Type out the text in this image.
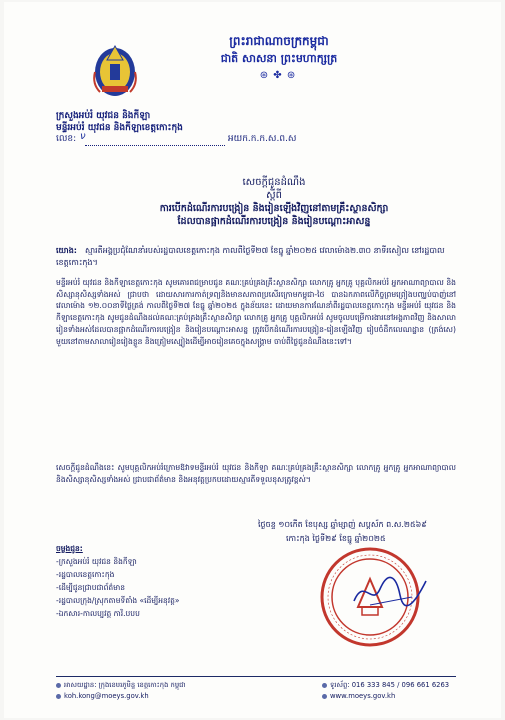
ព្រះរាជាណាចក្រកម្ពុជា
ជាតិ សាសនា ព្រះមហាក្សត្រ
⊛ ✤ ⊛
ក្រសួងអប់រំ យុវជន និងកីឡា
មន្ទីរអប់រំ យុវជន និងកីឡាខេត្តកោះកុង
លេខ: ν	អយក.ក.ក.ស.ព.ស
សេចក្តីជូនដំណឹង
ស្តីពី
ការបើកដំណើរការបង្រៀន និងរៀនឡើងវិញនៅតាមគ្រឹះស្ថានសិក្សា
ដែលបានផ្អាកដំណើរការបង្រៀន និងរៀនបណ្តោះអាសន្ន
យោង: ស្មារតីអង្គប្រជុំណែនាំរបស់រដ្ឋបាលខេត្តកោះកុង កាលពីថ្ងៃទី២៧ ខែធ្នូ ឆ្នាំ២០២៥ វេលាម៉ោង២.៣០ នាទីរសៀល នៅរដ្ឋបាលខេត្តកោះកុង។
មន្ទីរអប់រំ យុវជន និងកីឡាខេត្តកោះកុង សូមគោរពជម្រាបជូន គណៈគ្រប់គ្រងគ្រឹះស្ថានសិក្សា លោកគ្រូ អ្នកគ្រូ បុគ្គលិកអប់រំ អ្នកអាណាព្យាបាល និងសិស្សានុសិស្សទាំងអស់ ជ្រាបថា ដោយសារការកាត់ទ្រព្យនិងមានសភាពប្រសើរក្រោមកម្ពុជា-ថៃ បានឯកភាពលើកិច្ចព្រមព្រៀងបញ្ឈប់បាញ់នៅវេលាម៉ោង ១២.០០នាទីថ្ងៃត្រង់ កាលពីថ្ងៃទី២៧ ខែធ្នូ ឆ្នាំ២០២៥ ក្នុងន័យនេះ ដោយមានការណែនាំពីរដ្ឋបាលខេត្តកោះកុង មន្ទីរអប់រំ យុវជន និងកីឡាខេត្តកោះកុង សូមជូនដំណឹងដល់គណៈគ្រប់គ្រងគ្រឹះស្ថានសិក្សា លោកគ្រូ អ្នកគ្រូ បុគ្គលិកអប់រំ សូមចូលបម្រើការងារនៅអង្គភាពវិញ និងសាលារៀនទាំងអស់ដែលបានផ្អាកដំណើរការបង្រៀន និងរៀនបណ្តោះអាសន្ន ត្រូវបើកដំណើរការបង្រៀន-រៀនឡើងវិញ រៀបចំដឹកលេណដ្ឋាន (ត្រង់សេ) មួយនៅតាមសាលារៀនរៀងខ្លួន និងត្រៀមស្បៀងដើម្បីអាចរៀនគេចក្នុងសង្គ្រាម ចាប់ពីថ្ងៃជូនដំណឹងនេះទៅ។
សេចក្តីជូនដំណឹងនេះ សូមបុគ្គលិកអប់រំក្រោមឱវាទមន្ទីរអប់រំ យុវជន និងកីឡា គណៈគ្រប់គ្រងគ្រឹះស្ថានសិក្សា លោកគ្រូ អ្នកគ្រូ អ្នកអាណាព្យាបាល និងសិស្សានុសិស្សទាំងអស់ ជ្រាបជាព័ត៌មាន និងអនុវត្តប្រកបដោយស្មារតីទទួលខុសត្រូវខ្ពស់។
ថ្ងៃចន្ទ ១០កើត ខែបុស្ស ឆ្នាំម្សាញ់ សប្តស័ក ព.ស.២៥៦៩
កោះកុង ថ្ងៃទី២៩ ខែធ្នូ ឆ្នាំ២០២៥
ចម្លងជូន:
-ក្រសួងអប់រំ យុវជន និងកីឡា
-រដ្ឋបាលខេត្តកោះកុង
-ដើម្បីជូនជ្រាបជាព័ត៌មាន
-រដ្ឋបាលក្រុង/ស្រុកតាមទីតាំង «ដើម្បីអនុវត្ត»
-ឯកសារ-កាលប្បវត្ត ការិ.បបប
អាសយដ្ឋាន: ក្រុងខេមរភូមិន្ទ ខេត្តកោះកុង កម្ពុជា
koh.kong@moeys.gov.kh
ទូរស័ព្ទ: 016 333 845 / 096 661 6263
www.moeys.gov.kh
